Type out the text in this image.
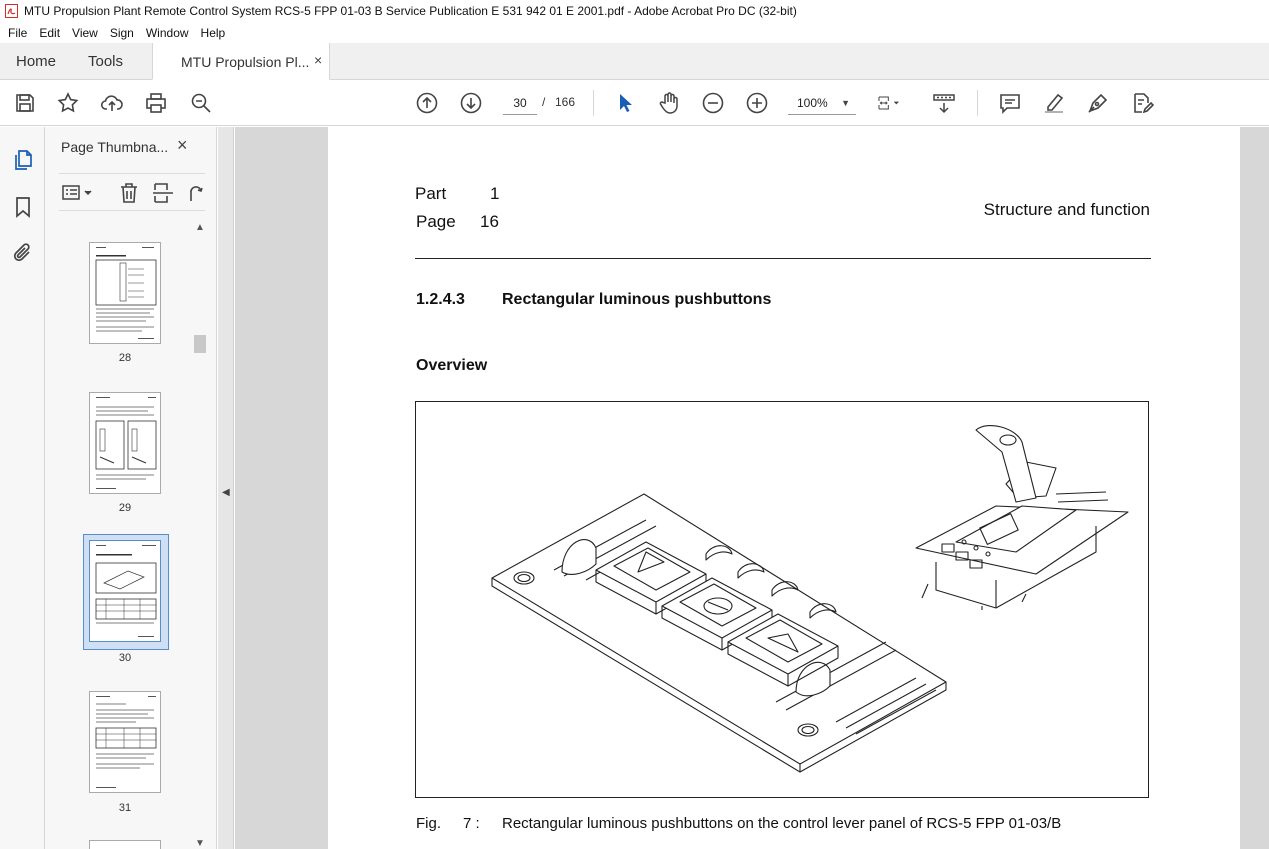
MTU Propulsion Plant Remote Control System RCS-5 FPP 01-03 B Service Publication E 531 942 01 E 2001.pdf - Adobe Acrobat Pro DC (32-bit)
File	Edit	View	Sign	Window	Help
Home Tools	MTU Propulsion Pl... ×
30	/ 166	100% ▼
Page Thumbna... ×
28
29
30
31
▲
▼
◀
Part	1
Page 16
Structure and function
1.2.4.3 Rectangular luminous pushbuttons
Overview
Fig. 7 : Rectangular luminous pushbuttons on the control lever panel of RCS-5 FPP 01-03/B
